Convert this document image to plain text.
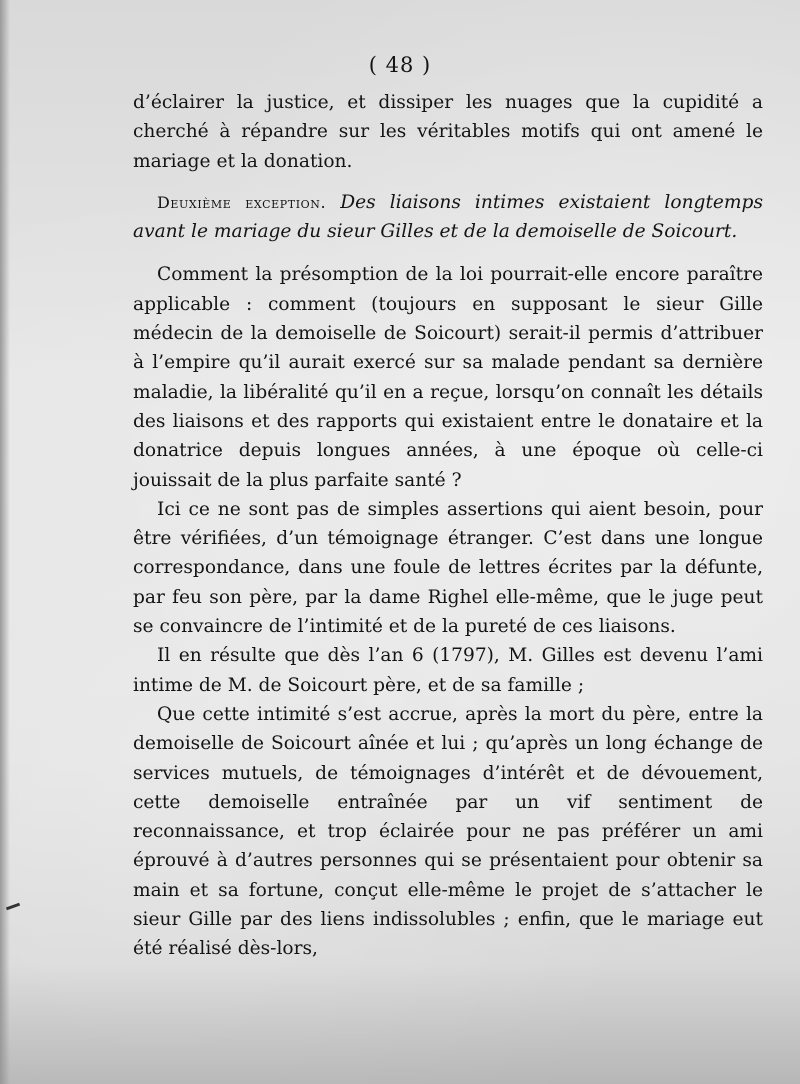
( 48 )

d’éclairer la justice, et dissiper les nuages que la cupidité a cherché à répandre sur les véritables motifs qui ont amené le mariage et la donation.

Deuxième exception. Des liaisons intimes existaient longtemps avant le mariage du sieur Gilles et de la demoiselle de Soicourt.

Comment la présomption de la loi pourrait-elle encore paraître applicable : comment (toujours en supposant le sieur Gille médecin de la demoiselle de Soicourt) serait-il permis d’attribuer à l’empire qu’il aurait exercé sur sa malade pendant sa dernière maladie, la libéralité qu’il en a reçue, lorsqu’on connaît les détails des liaisons et des rapports qui existaient entre le donataire et la donatrice depuis longues années, à une époque où celle-ci jouissait de la plus parfaite santé ?

Ici ce ne sont pas de simples assertions qui aient besoin, pour être vérifiées, d’un témoignage étranger. C’est dans une longue correspondance, dans une foule de lettres écrites par la défunte, par feu son père, par la dame Righel elle-même, que le juge peut se convaincre de l’intimité et de la pureté de ces liaisons.

Il en résulte que dès l’an 6 (1797), M. Gilles est devenu l’ami intime de M. de Soicourt père, et de sa famille ;

Que cette intimité s’est accrue, après la mort du père, entre la demoiselle de Soicourt aînée et lui ; qu’après un long échange de services mutuels, de témoignages d’intérêt et de dévouement, cette demoiselle entraînée par un vif sentiment de reconnaissance, et trop éclairée pour ne pas préférer un ami éprouvé à d’autres personnes qui se présentaient pour obtenir sa main et sa fortune, conçut elle-même le projet de s’attacher le sieur Gille par des liens indissolubles ; enfin, que le mariage eut été réalisé dès-lors,
